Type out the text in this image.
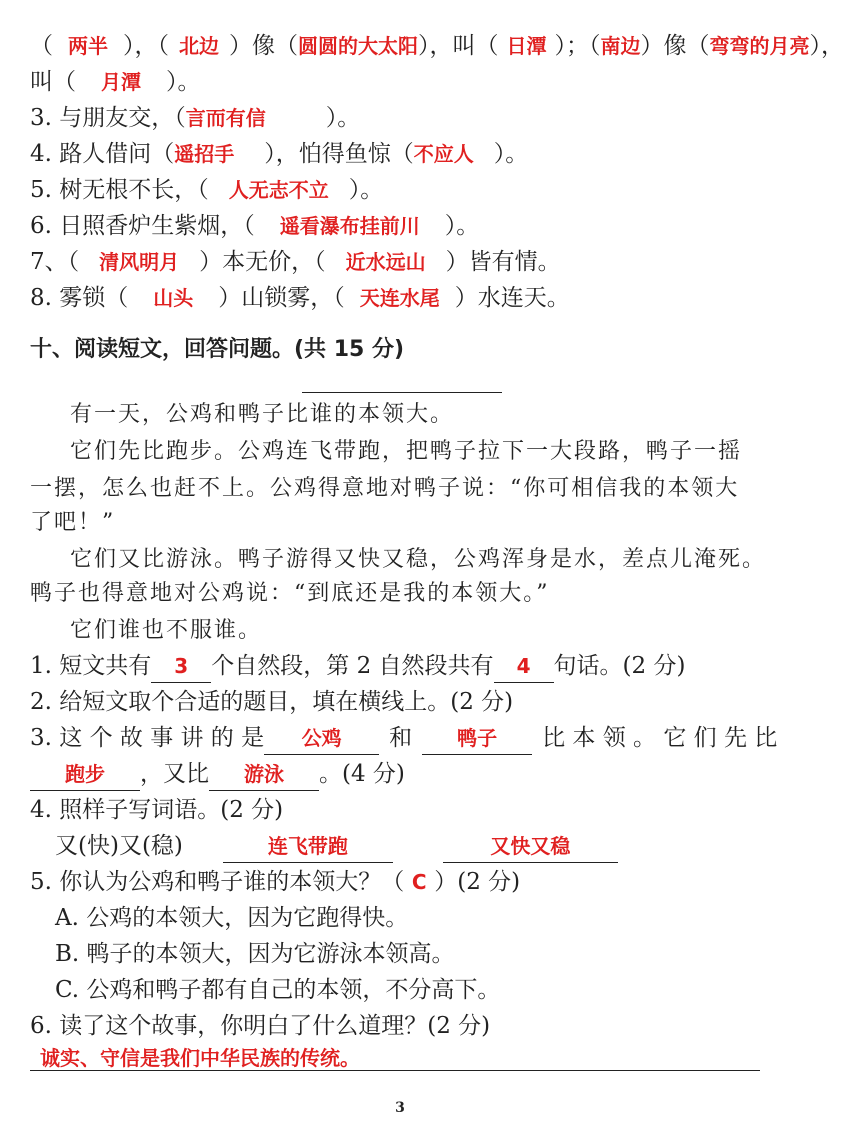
（ 两半 ），（ 北边 ）像（圆圆的大太阳），叫（ 日潭 ）；（南边）像（弯弯的月亮），
叫（ 月潭 ）。
3. 与朋友交，（言而有信	）。
4. 路人借问（遥招手 ），怕得鱼惊（不应人 ）。
5. 树无根不长，（ 人无志不立 ）。
6. 日照香炉生紫烟，（ 遥看瀑布挂前川 ）。
7、（ 清风明月 ）本无价，（ 近水远山 ）皆有情。
8. 雾锁（ 山头 ）山锁雾，（ 天连水尾 ）水连天。
十、阅读短文，回答问题。(共 15 分)
有一天，公鸡和鸭子比谁的本领大。
它们先比跑步。公鸡连飞带跑，把鸭子拉下一大段路，鸭子一摇
一摆，怎么也赶不上。公鸡得意地对鸭子说：“你可相信我的本领大
了吧！”
它们又比游泳。鸭子游得又快又稳，公鸡浑身是水，差点儿淹死。
鸭子也得意地对公鸡说：“到底还是我的本领大。”
它们谁也不服谁。
1. 短文共有 3 个自然段，第 2 自然段共有 4 句话。(2 分)
2. 给短文取个合适的题目，填在横线上。(2 分)
3. 这 个 故 事 讲 的 是 公鸡 和 鸭子 比 本 领 。 它 们 先 比
跑步 ，又比 游泳 。(4 分)
4. 照样子写词语。(2 分)
又(快)又(稳)	连飞带跑	又快又稳
5. 你认为公鸡和鸭子谁的本领大？（ C ）(2 分)
A. 公鸡的本领大，因为它跑得快。
B. 鸭子的本领大，因为它游泳本领高。
C. 公鸡和鸭子都有自己的本领，不分高下。
6. 读了这个故事，你明白了什么道理？(2 分)
诚实、守信是我们中华民族的传统。
3
